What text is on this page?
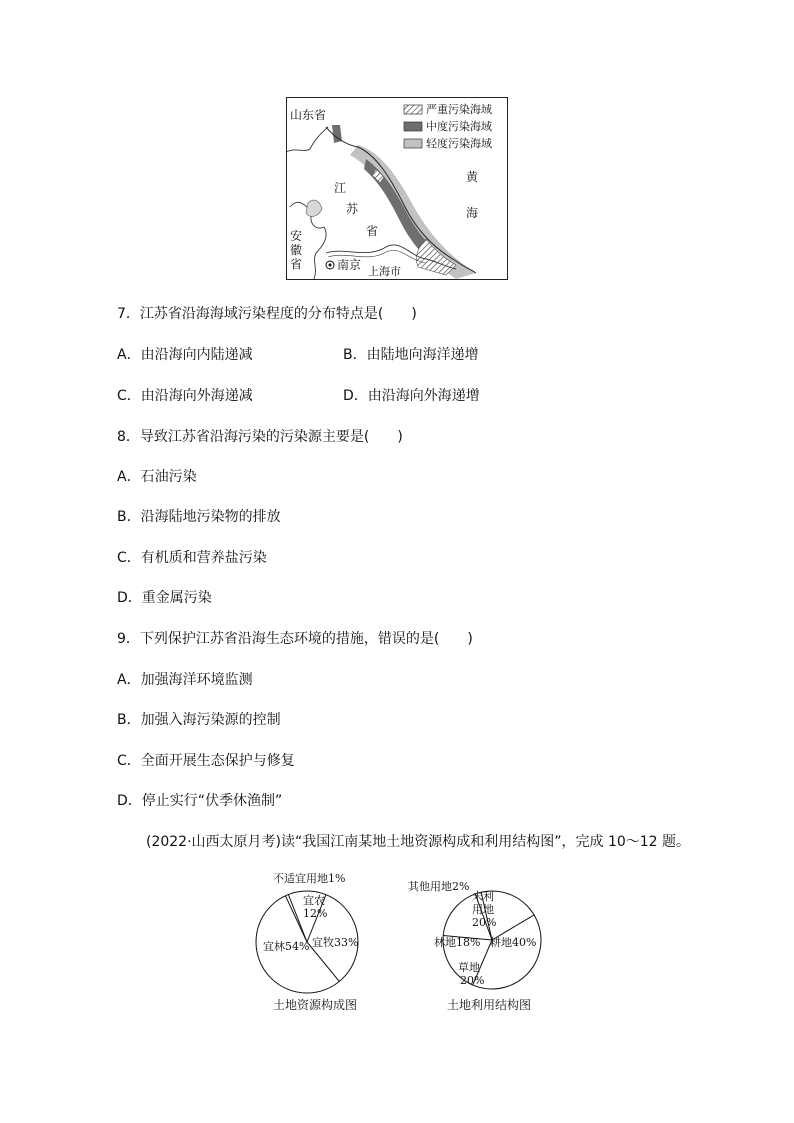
严重污染海域
中度污染海域
轻度污染海域
山东省
江
苏
省
安
徽
省	南京 上海市
黄
海
7．江苏省沿海海域污染程度的分布特点是(　　)
A．由沿海向内陆递减	B．由陆地向海洋递增
C．由沿海向外海递减	D．由沿海向外海递增
8．导致江苏省沿海污染的污染源主要是(　　)
A．石油污染
B．沿海陆地污染物的排放
C．有机质和营养盐污染
D．重金属污染
9．下列保护江苏省沿海生态环境的措施，错误的是(　　)
A．加强海洋环境监测
B．加强入海污染源的控制
C．全面开展生态保护与修复
D．停止实行“伏季休渔制”
(2022·山西太原月考)读“我国江南某地土地资源构成和利用结构图”，完成 10～12 题。
不适宜用地1%
宜农
12%
宜牧33%
宜林54%
土地资源构成图
其他用地2%
未利
用地
20%
耕地40%
草地
20%
林地18%
土地利用结构图
